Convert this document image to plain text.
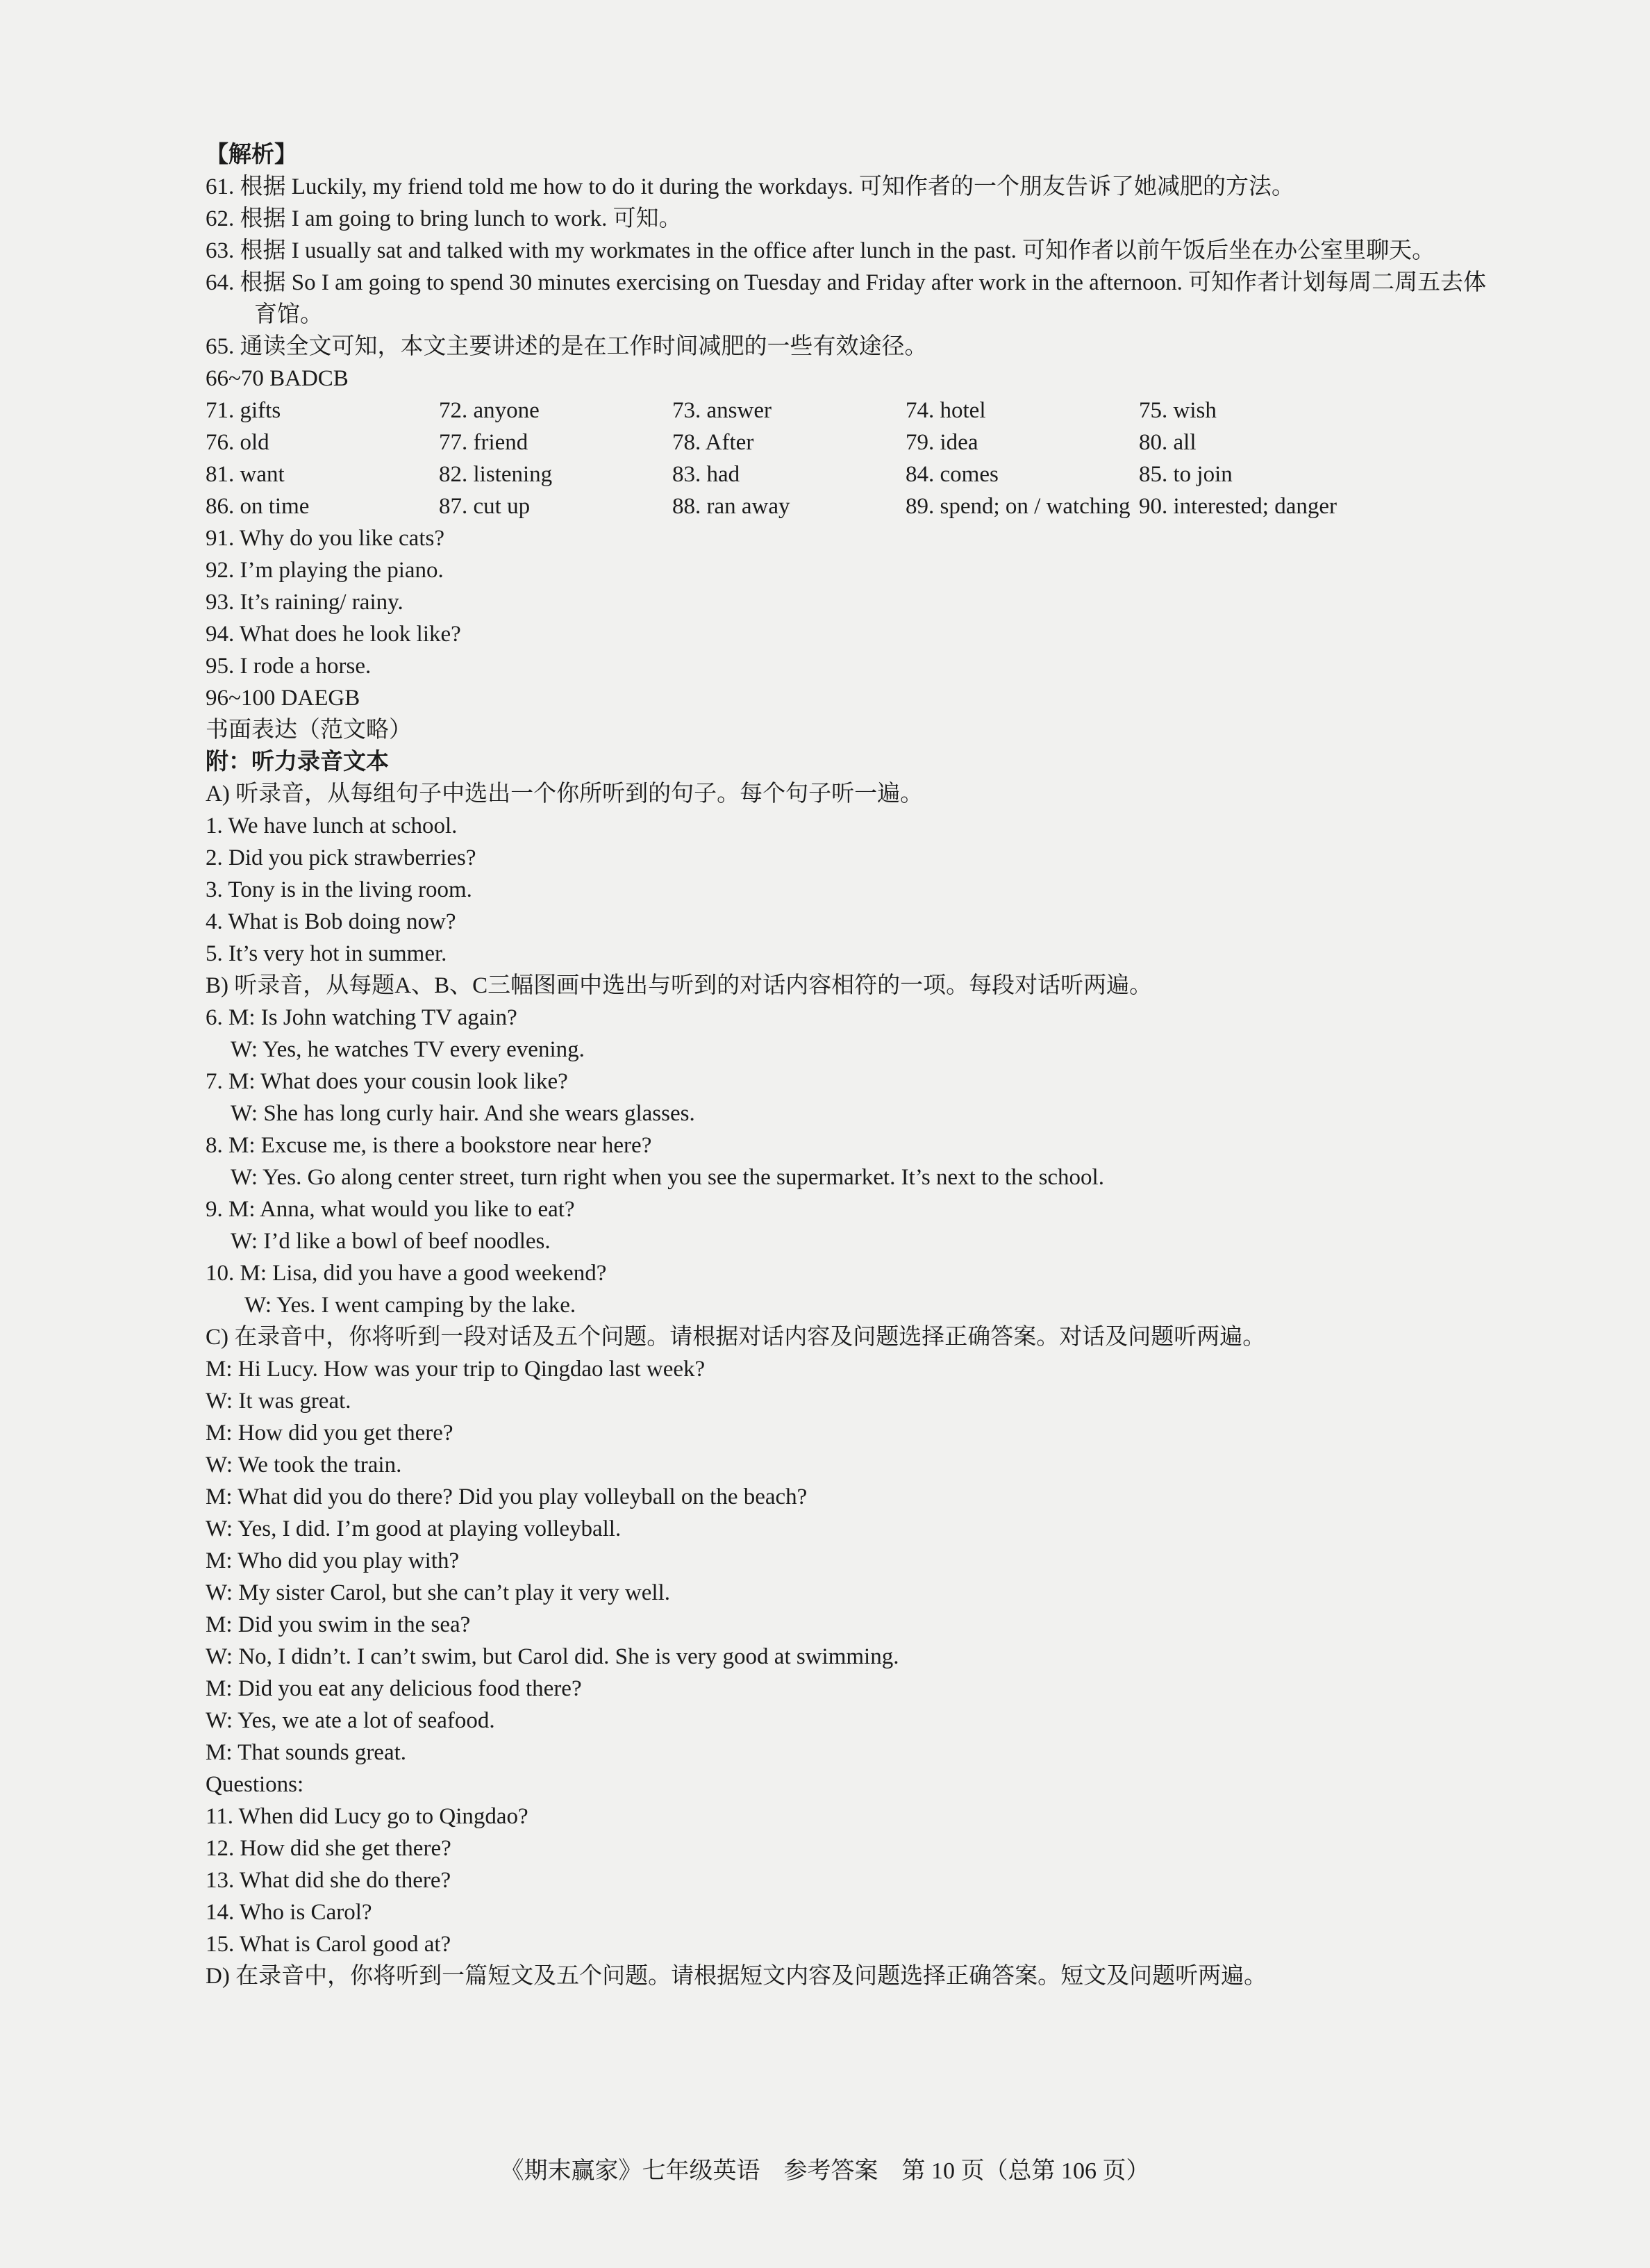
【解析】
61. 根据 Luckily, my friend told me how to do it during the workdays. 可知作者的一个朋友告诉了她减肥的方法。
62. 根据 I am going to bring lunch to work. 可知。
63. 根据 I usually sat and talked with my workmates in the office after lunch in the past. 可知作者以前午饭后坐在办公室里聊天。
64. 根据 So I am going to spend 30 minutes exercising on Tuesday and Friday after work in the afternoon. 可知作者计划每周二周五去体育馆。
65. 通读全文可知，本文主要讲述的是在工作时间减肥的一些有效途径。
66~70 BADCB
71. gifts	72. anyone	73. answer	74. hotel	75. wish
76. old	77. friend	78. After	79. idea	80. all
81. want	82. listening	83. had	84. comes	85. to join
86. on time	87. cut up	88. ran away	89. spend; on / watching 90. interested; danger
91. Why do you like cats?
92. I’m playing the piano.
93. It’s raining/ rainy.
94. What does he look like?
95. I rode a horse.
96~100 DAEGB
书面表达（范文略）
附：听力录音文本
A) 听录音，从每组句子中选出一个你所听到的句子。每个句子听一遍。
1. We have lunch at school.
2. Did you pick strawberries?
3. Tony is in the living room.
4. What is Bob doing now?
5. It’s very hot in summer.
B) 听录音，从每题A、B、C三幅图画中选出与听到的对话内容相符的一项。每段对话听两遍。
6. M: Is John watching TV again?
W: Yes, he watches TV every evening.
7. M: What does your cousin look like?
W: She has long curly hair. And she wears glasses.
8. M: Excuse me, is there a bookstore near here?
W: Yes. Go along center street, turn right when you see the supermarket. It’s next to the school.
9. M: Anna, what would you like to eat?
W: I’d like a bowl of beef noodles.
10. M: Lisa, did you have a good weekend?
W: Yes. I went camping by the lake.
C) 在录音中，你将听到一段对话及五个问题。请根据对话内容及问题选择正确答案。对话及问题听两遍。
M: Hi Lucy. How was your trip to Qingdao last week?
W: It was great.
M: How did you get there?
W: We took the train.
M: What did you do there? Did you play volleyball on the beach?
W: Yes, I did. I’m good at playing volleyball.
M: Who did you play with?
W: My sister Carol, but she can’t play it very well.
M: Did you swim in the sea?
W: No, I didn’t. I can’t swim, but Carol did. She is very good at swimming.
M: Did you eat any delicious food there?
W: Yes, we ate a lot of seafood.
M: That sounds great.
Questions:
11. When did Lucy go to Qingdao?
12. How did she get there?
13. What did she do there?
14. Who is Carol?
15. What is Carol good at?
D) 在录音中，你将听到一篇短文及五个问题。请根据短文内容及问题选择正确答案。短文及问题听两遍。
《期末赢家》七年级英语　参考答案　第 10 页（总第 106 页）
